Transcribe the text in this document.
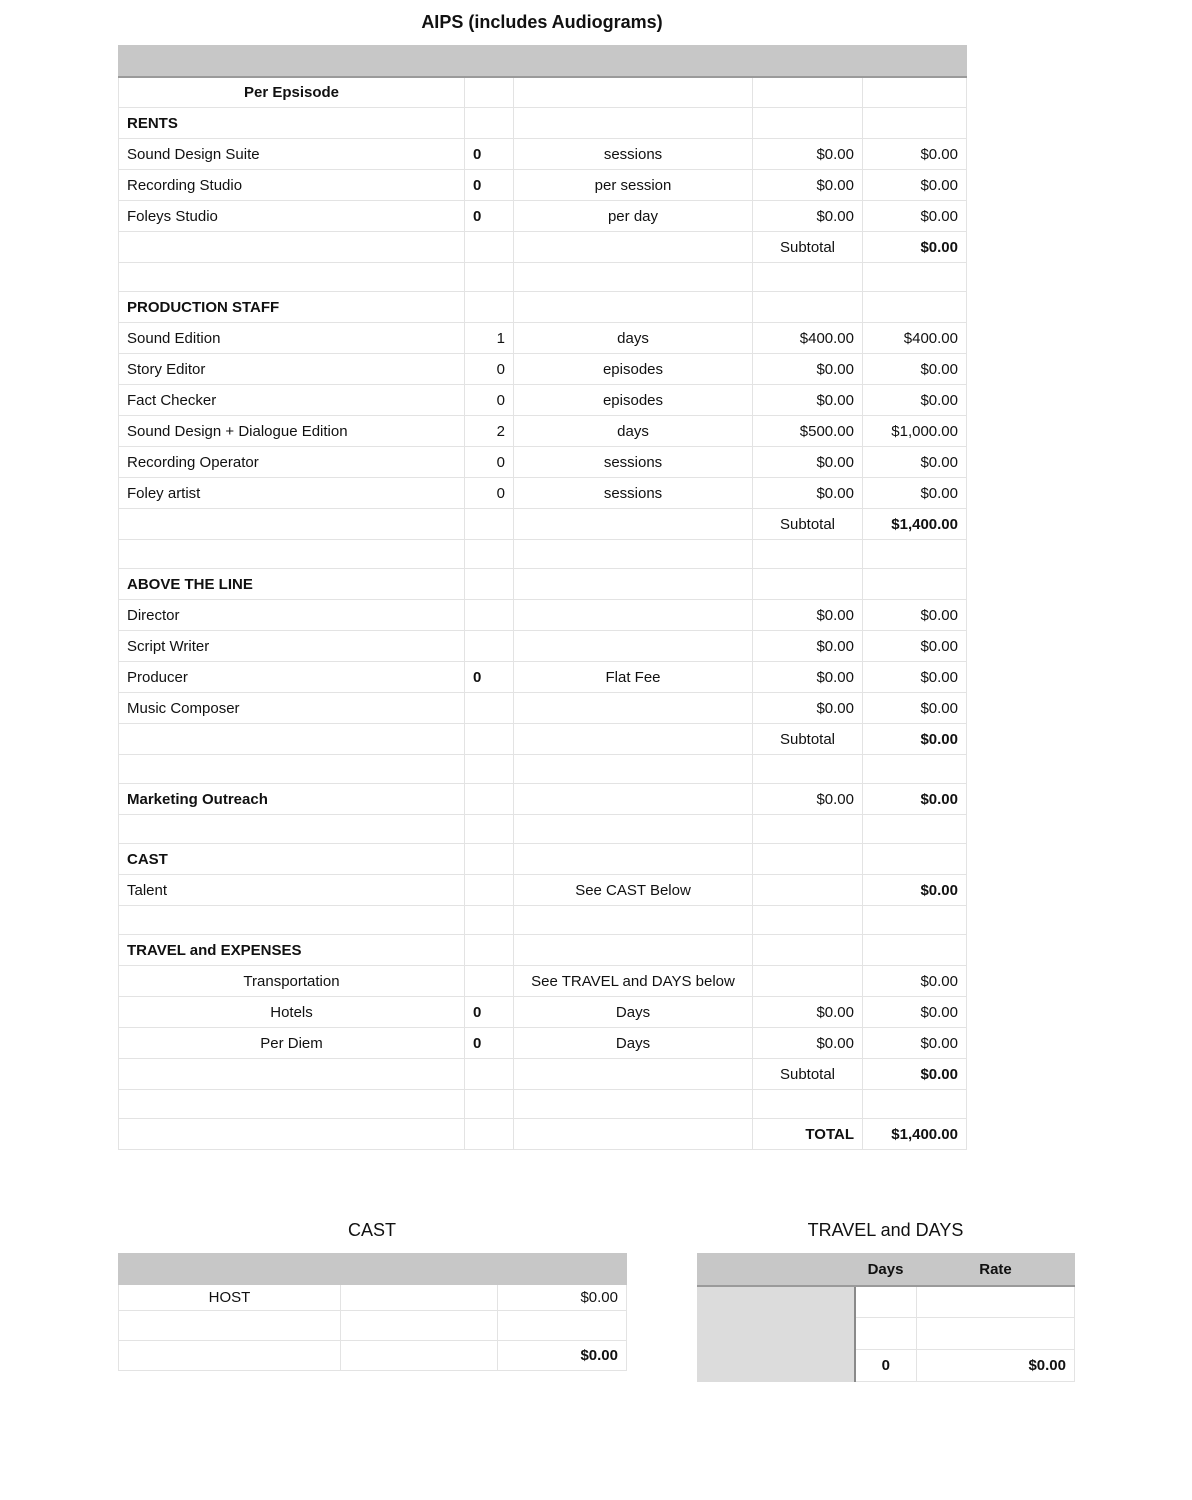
AIPS (includes Audiograms)

Per Epsisode				
RENTS				
Sound Design Suite	0	sessions	$0.00	$0.00
Recording Studio	0	per session	$0.00	$0.00
Foleys Studio	0	per day	$0.00	$0.00
			Subtotal	$0.00

PRODUCTION STAFF				
Sound Edition	1	days	$400.00	$400.00
Story Editor	0	episodes	$0.00	$0.00
Fact Checker	0	episodes	$0.00	$0.00
Sound Design + Dialogue Edition	2	days	$500.00	$1,000.00
Recording Operator	0	sessions	$0.00	$0.00
Foley artist	0	sessions	$0.00	$0.00
			Subtotal	$1,400.00

ABOVE THE LINE				
Director			$0.00	$0.00
Script Writer			$0.00	$0.00
Producer	0	Flat Fee	$0.00	$0.00
Music Composer			$0.00	$0.00
			Subtotal	$0.00

Marketing Outreach			$0.00	$0.00

CAST				
Talent		See CAST Below		$0.00

TRAVEL and EXPENSES				
Transportation		See TRAVEL and DAYS below		$0.00
Hotels	0	Days	$0.00	$0.00
Per Diem	0	Days	$0.00	$0.00
			Subtotal	$0.00

			TOTAL	$1,400.00
CAST

HOST		$0.00

		$0.00
TRAVEL and DAYS
	Days	Rate

	0	$0.00
